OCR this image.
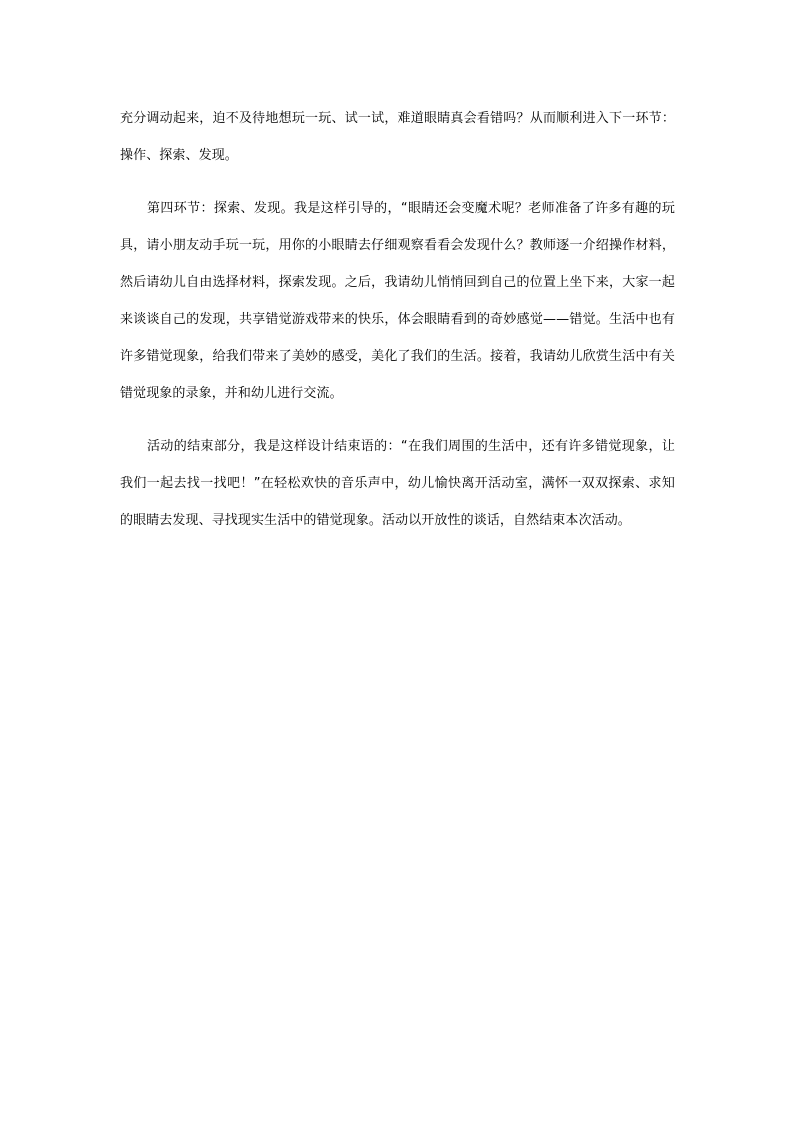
充分调动起来，迫不及待地想玩一玩、试一试，难道眼睛真会看错吗？从而顺利进入下一环节：
操作、探索、发现。
第四环节：探索、发现。我是这样引导的，“眼睛还会变魔术呢？老师准备了许多有趣的玩
具，请小朋友动手玩一玩，用你的小眼睛去仔细观察看看会发现什么？教师逐一介绍操作材料，
然后请幼儿自由选择材料，探索发现。之后，我请幼儿悄悄回到自己的位置上坐下来，大家一起
来谈谈自己的发现，共享错觉游戏带来的快乐，体会眼睛看到的奇妙感觉——错觉。生活中也有
许多错觉现象，给我们带来了美妙的感受，美化了我们的生活。接着，我请幼儿欣赏生活中有关
错觉现象的录象，并和幼儿进行交流。
活动的结束部分，我是这样设计结束语的：“在我们周围的生活中，还有许多错觉现象，让
我们一起去找一找吧！”在轻松欢快的音乐声中，幼儿愉快离开活动室，满怀一双双探索、求知
的眼睛去发现、寻找现实生活中的错觉现象。活动以开放性的谈话，自然结束本次活动。
